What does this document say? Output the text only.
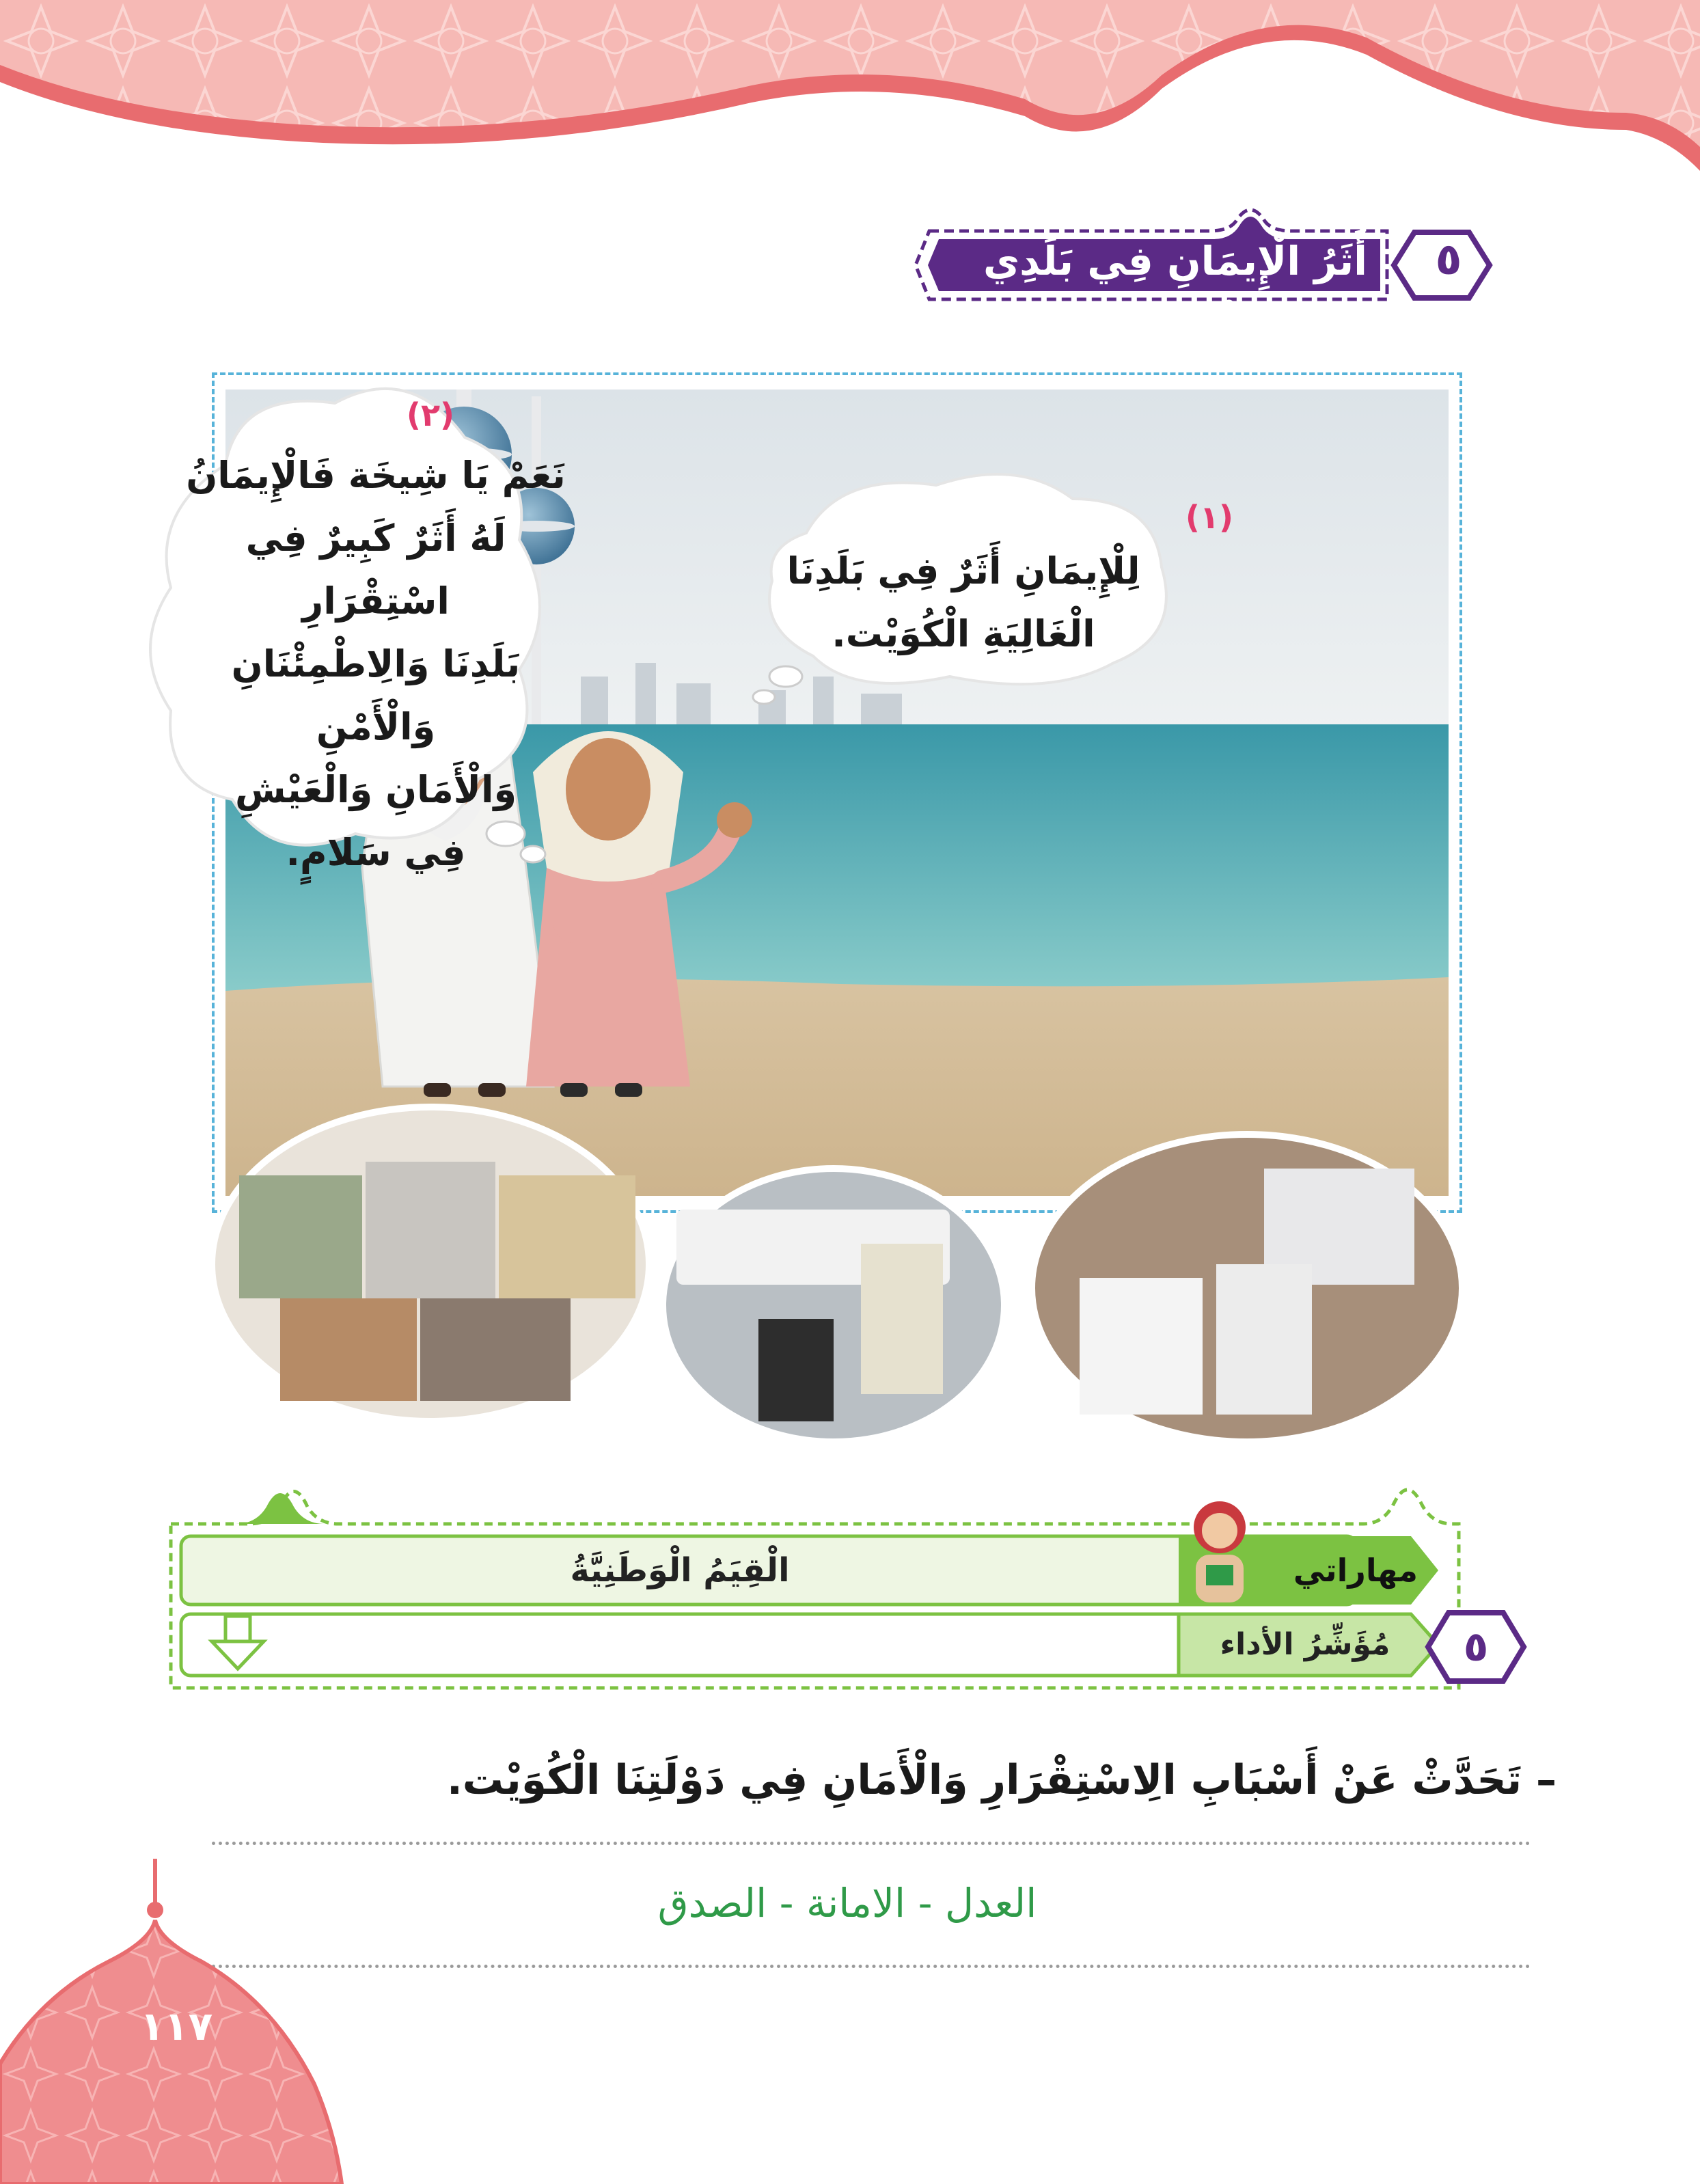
أَثَرُ الْإِيمَانِ فِي بَلَدِي الْكُوَيْت.
٥
(٢)
نَعَمْ يَا شِيخَة فَالْإِيمَانُ
لَهُ أَثَرٌ كَبِيرٌ فِي اسْتِقْرَارِ
بَلَدِنَا وَالِاطْمِئْنَانِ وَالْأَمْنِ
وَالْأَمَانِ وَالْعَيْشِ
فِي سَلامٍ.
(١)
لِلْإِيمَانِ أَثَرٌ فِي بَلَدِنَا
الْغَالِيَةِ الْكُوَيْت.
مهاراتي
الْقِيَمُ الْوَطَنِيَّةُ
مُؤَشِّرُ الأداء	٥
– تَحَدَّثْ عَنْ أَسْبَابِ الِاسْتِقْرَارِ وَالْأَمَانِ فِي دَوْلَتِنَا الْكُوَيْت.
العدل - الامانة - الصدق
١١٧
